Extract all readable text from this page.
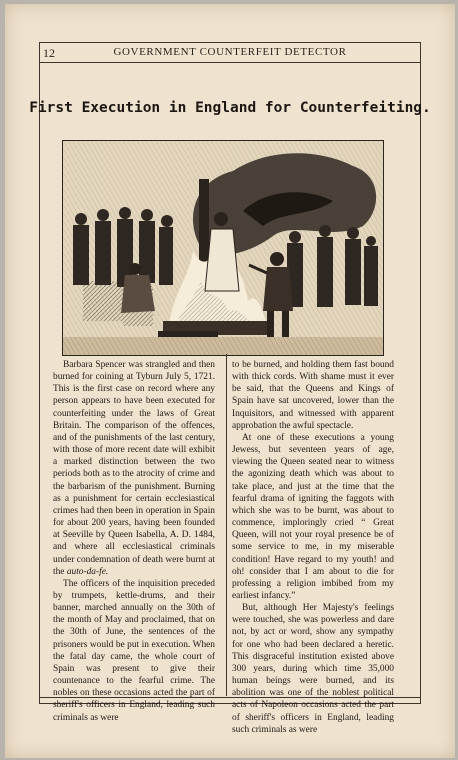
12	GOVERNMENT COUNTERFEIT DETECTOR
First Execution in England for Counterfeiting.

Barbara Spencer was strangled and then burned for coining at Tyburn July 5, 1721. This is the first case on record where any person appears to have been executed for counterfeiting under the laws of Great Britain. The comparison of the offences, and of the punishments of the last century, with those of more recent date will exhibit a marked distinction between the two periods both as to the atrocity of crime and the barbarism of the punishment. Burning as a punishment for certain ecclesiastical crimes had then been in operation in Spain for about 200 years, having been founded at Seeville by Queen Isabella, A. D. 1484, and where all ecclesiastical criminals under condemnation of death were burnt at the auto-da-fe.

The officers of the inquisition preceded by trumpets, kettle-drums, and their banner, marched annually on the 30th of the month of May and proclaimed, that on the 30th of June, the sentences of the prisoners would be put in execution. When the fatal day came, the whole court of Spain was present to give their countenance to the fearful crime. The nobles on these occasions acted the part of sheriff's officers in England, leading such criminals as were

to be burned, and holding them fast bound with thick cords. With shame must it ever be said, that the Queens and Kings of Spain have sat uncovered, lower than the Inquisitors, and witnessed with apparent approbation the awful spectacle.

At one of these executions a young Jewess, but seventeen years of age, viewing the Queen seated near to witness the agonizing death which was about to take place, and just at the time that the fearful drama of igniting the faggots with which she was to be burnt, was about to commence, imploringly cried “ Great Queen, will not your royal presence be of some service to me, in my miserable condition! Have regard to my youth! and oh! consider that I am about to die for professing a religion imbibed from my earliest infancy.”

But, although Her Majesty's feelings were touched, she was powerless and dare not, by act or word, show any sympathy for one who had been declared a heretic. This disgraceful institution existed above 300 years, during which time 35,000 human beings were burned, and its abolition was one of the noblest political acts of Napoleon occasions acted the part of sheriff's officers in England, leading such criminals as were
